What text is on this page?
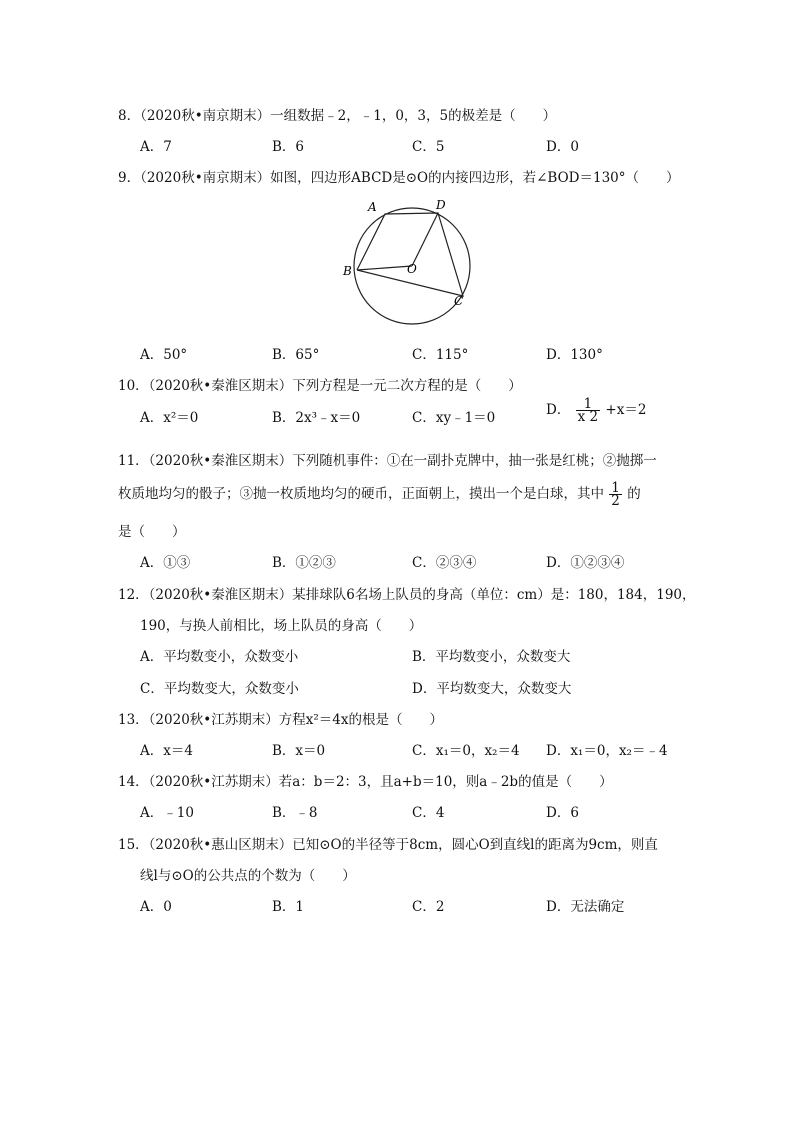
8．（2020秋•南京期末）一组数据﹣2，﹣1，0，3，5的极差是（　　）
A．7	B．6	C．5	D．0
9．（2020秋•南京期末）如图，四边形ABCD是⊙O的内接四边形，若∠BOD＝130°（　　）
A	D
B	O
C
A．50°	B．65°	C．115°	D．130°
10．（2020秋•秦淮区期末）下列方程是一元二次方程的是（　　）
A．x²＝0	B．2x³﹣x＝0	C．xy﹣1＝0	D． $\frac{1}{x 2} +x=2$
11．（2020秋•秦淮区期末）下列随机事件：①在一副扑克牌中，抽一张是红桃；②抛掷一
枚质地均匀的骰子；③抛一枚质地均匀的硬币，正面朝上，摸出一个是白球，其中 $\frac{1}{2}$ 的
是（　　）
A．①③	B．①②③	C．②③④	D．①②③④
12．（2020秋•秦淮区期末）某排球队6名场上队员的身高（单位：cm）是：180，184，190，
190，与换人前相比，场上队员的身高（　　）
A．平均数变小，众数变小	B．平均数变小，众数变大
C．平均数变大，众数变小	D．平均数变大，众数变大
13．（2020秋•江苏期末）方程x²＝4x的根是（　　）
A．x＝4	B．x＝0	C．x₁＝0，x₂＝4 D．x₁＝0，x₂＝﹣4
14．（2020秋•江苏期末）若a：b＝2：3，且a+b＝10，则a﹣2b的值是（　　）
A．﹣10	B．﹣8	C．4	D．6
15．（2020秋•惠山区期末）已知⊙O的半径等于8cm，圆心O到直线l的距离为9cm，则直
线l与⊙O的公共点的个数为（　　）
A．0	B．1	C．2	D．无法确定
